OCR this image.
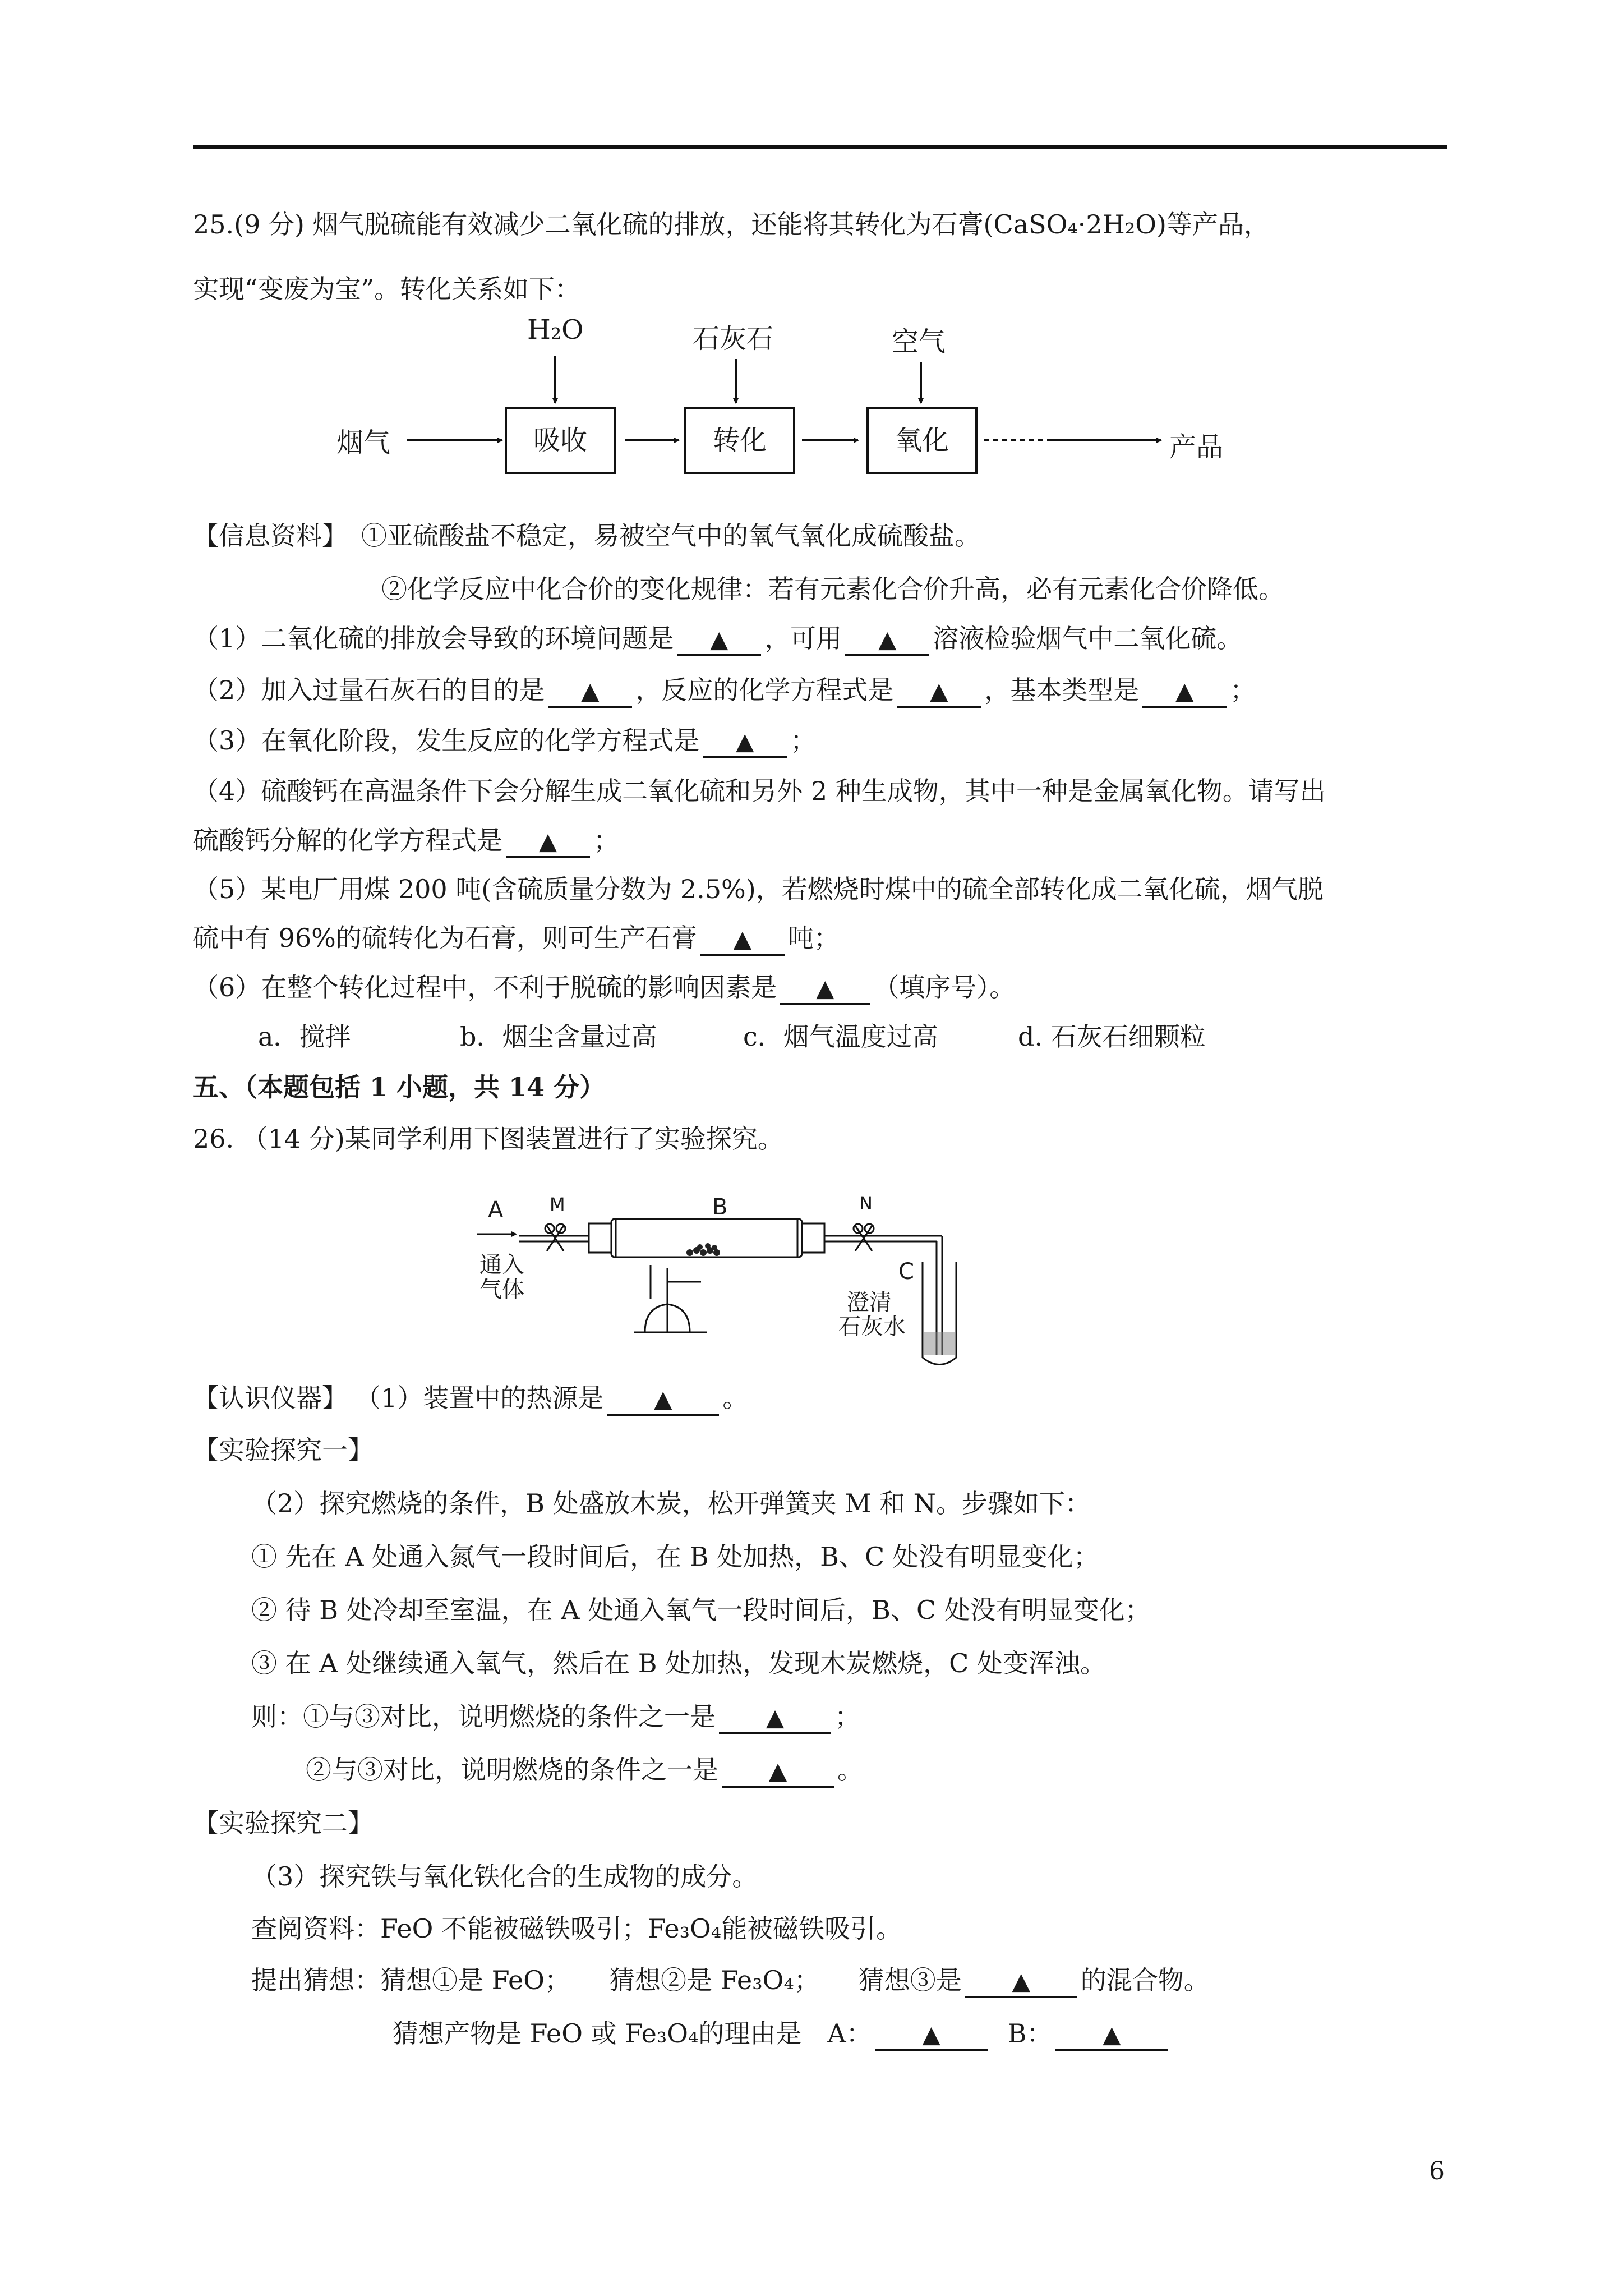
25.(9 分) 烟气脱硫能有效减少二氧化硫的排放，还能将其转化为石膏(CaSO₄·2H₂O)等产品，
实现“变废为宝”。转化关系如下：
烟气	吸收	转化	氧化
H₂O	石灰石	空气
产品
【信息资料】 ①亚硫酸盐不稳定，易被空气中的氧气氧化成硫酸盐。
②化学反应中化合价的变化规律：若有元素化合价升高，必有元素化合价降低。
（1）二氧化硫的排放会导致的环境问题是 ▲ ，可用 ▲ 溶液检验烟气中二氧化硫。
（2）加入过量石灰石的目的是 ▲ ，反应的化学方程式是 ▲ ，基本类型是 ▲ ；
（3）在氧化阶段，发生反应的化学方程式是 ▲ ；
（4）硫酸钙在高温条件下会分解生成二氧化硫和另外 2 种生成物，其中一种是金属氧化物。请写出
硫酸钙分解的化学方程式是 ▲ ；
（5）某电厂用煤 200 吨(含硫质量分数为 2.5%)，若燃烧时煤中的硫全部转化成二氧化硫，烟气脱
硫中有 96%的硫转化为石膏，则可生产石膏 ▲ 吨；
（6）在整个转化过程中，不利于脱硫的影响因素是 ▲ （填序号）。
a．搅拌	b．烟尘含量过高	c．烟气温度过高	d. 石灰石细颗粒
五、（本题包括 1 小题，共 14 分）
26. （14 分)某同学利用下图装置进行了实验探究。
A	M	B	N
C
通入
气体	澄清
石灰水
【认识仪器】 （1）装置中的热源是 ▲ 。
【实验探究一】
（2）探究燃烧的条件，B 处盛放木炭，松开弹簧夹 M 和 N。步骤如下：
① 先在 A 处通入氮气一段时间后，在 B 处加热，B、C 处没有明显变化；
② 待 B 处冷却至室温，在 A 处通入氧气一段时间后，B、C 处没有明显变化；
③ 在 A 处继续通入氧气，然后在 B 处加热，发现木炭燃烧，C 处变浑浊。
则：①与③对比，说明燃烧的条件之一是 ▲ ；
②与③对比，说明燃烧的条件之一是 ▲ 。
【实验探究二】
（3）探究铁与氧化铁化合的生成物的成分。
查阅资料：FeO 不能被磁铁吸引；Fe₃O₄能被磁铁吸引。
提出猜想：猜想①是 FeO；　　猜想②是 Fe₃O₄；　　猜想③是 ▲ 的混合物。
猜想产物是 FeO 或 Fe₃O₄的理由是　A： ▲	B： ▲
6
